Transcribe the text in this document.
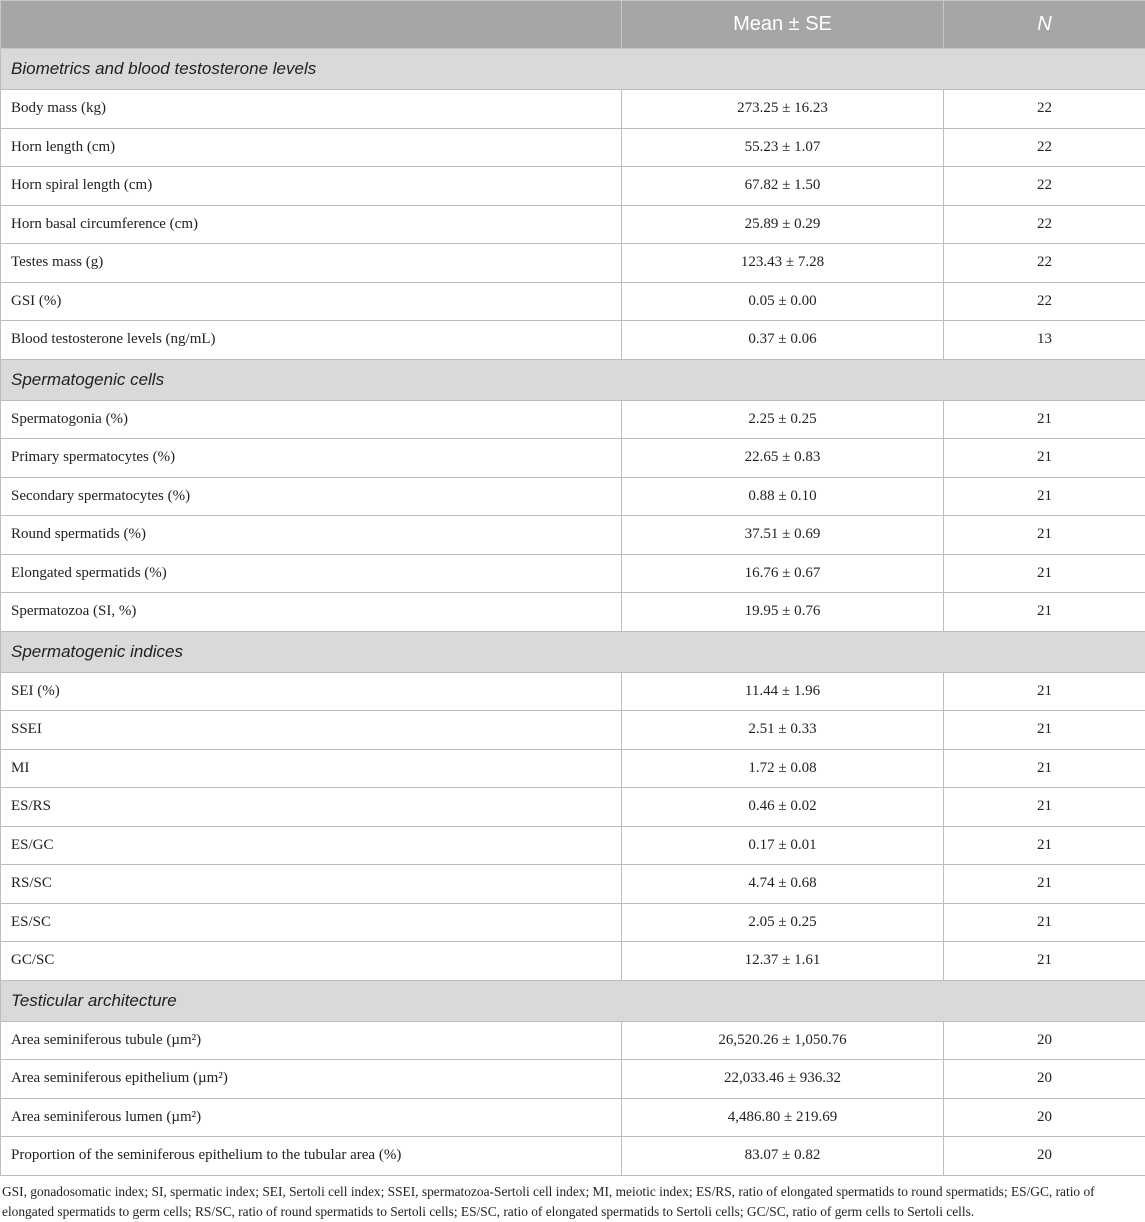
	Mean ± SE	N
Biometrics and blood testosterone levels		
Body mass (kg)	273.25 ± 16.23	22
Horn length (cm)	55.23 ± 1.07	22
Horn spiral length (cm)	67.82 ± 1.50	22
Horn basal circumference (cm)	25.89 ± 0.29	22
Testes mass (g)	123.43 ± 7.28	22
GSI (%)	0.05 ± 0.00	22
Blood testosterone levels (ng/mL)	0.37 ± 0.06	13
Spermatogenic cells		
Spermatogonia (%)	2.25 ± 0.25	21
Primary spermatocytes (%)	22.65 ± 0.83	21
Secondary spermatocytes (%)	0.88 ± 0.10	21
Round spermatids (%)	37.51 ± 0.69	21
Elongated spermatids (%)	16.76 ± 0.67	21
Spermatozoa (SI, %)	19.95 ± 0.76	21
Spermatogenic indices		
SEI (%)	11.44 ± 1.96	21
SSEI	2.51 ± 0.33	21
MI	1.72 ± 0.08	21
ES/RS	0.46 ± 0.02	21
ES/GC	0.17 ± 0.01	21
RS/SC	4.74 ± 0.68	21
ES/SC	2.05 ± 0.25	21
GC/SC	12.37 ± 1.61	21
Testicular architecture		
Area seminiferous tubule (µm²)	26,520.26 ± 1,050.76	20
Area seminiferous epithelium (µm²)	22,033.46 ± 936.32	20
Area seminiferous lumen (µm²)	4,486.80 ± 219.69	20
Proportion of the seminiferous epithelium to the tubular area (%)	83.07 ± 0.82	20
GSI, gonadosomatic index; SI, spermatic index; SEI, Sertoli cell index; SSEI, spermatozoa-Sertoli cell index; MI, meiotic index; ES/RS, ratio of elongated spermatids to round spermatids; ES/GC, ratio of elongated spermatids to germ cells; RS/SC, ratio of round spermatids to Sertoli cells; ES/SC, ratio of elongated spermatids to Sertoli cells; GC/SC, ratio of germ cells to Sertoli cells.
